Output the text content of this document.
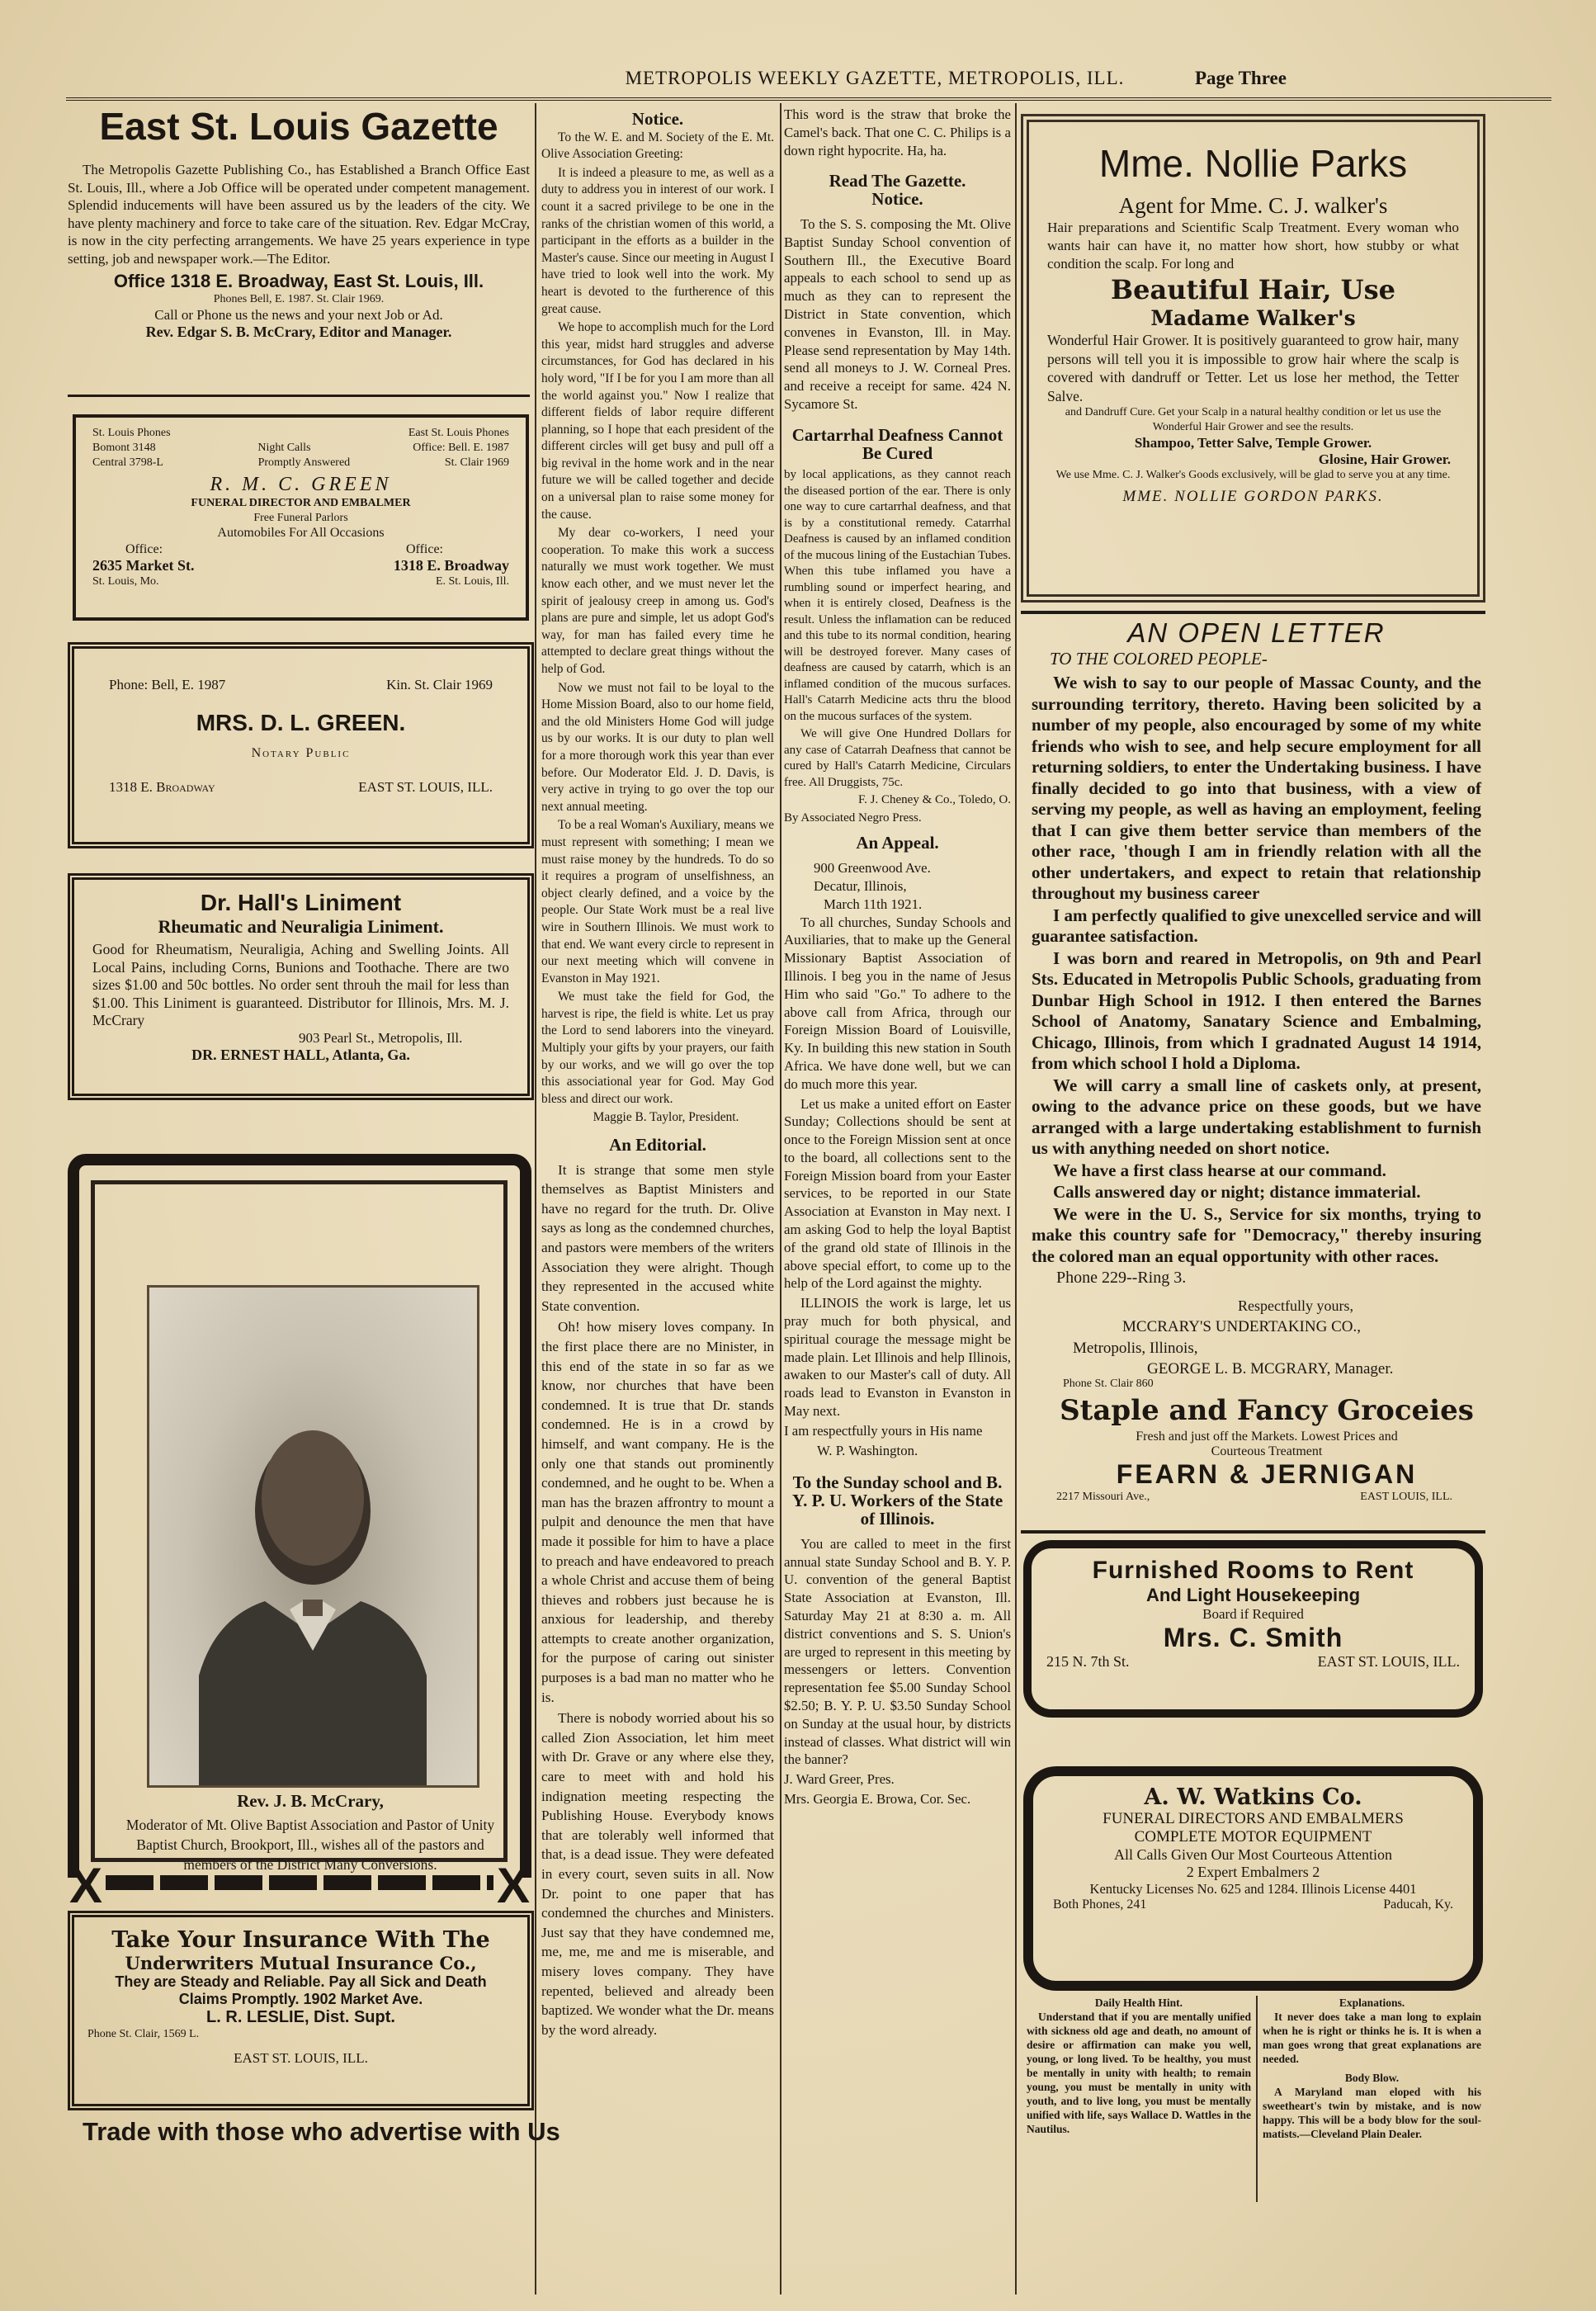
METROPOLIS WEEKLY GAZETTE, METROPOLIS, ILL.	Page Three
East St. Louis Gazette
The Metropolis Gazette Publishing Co., has Established a Branch Office East St. Louis, Ill., where a Job Office will be operated under competent management. Splendid inducements will have been assured us by the leaders of the city. We have plenty machinery and force to take care of the situation. Rev. Edgar McCray, is now in the city perfecting arrangements. We have 25 years experience in type setting, job and newspaper work.—The Editor.
Office 1318 E. Broadway, East St. Louis, Ill.
Phones Bell, E. 1987. St. Clair 1969.
Call or Phone us the news and your next Job or Ad.
Rev. Edgar S. B. McCrary, Editor and Manager.
St. Louis Phones	East St. Louis Phones
Bomont 3148	Night Calls	Office: Bell. E. 1987
Central 3798-L	Promptly Answered	St. Clair 1969
R. M. C. GREEN
FUNERAL DIRECTOR AND EMBALMER
Free Funeral Parlors
Automobiles For All Occasions
Office:	Office:
2635 Market St.	1318 E. Broadway
St. Louis, Mo.	E. St. Louis, Ill.
Phone: Bell, E. 1987	Kin. St. Clair 1969
MRS. D. L. GREEN.
Notary Public
1318 E. Broadway	EAST ST. LOUIS, ILL.
Dr. Hall's Liniment
Rheumatic and Neuraligia Liniment.
Good for Rheumatism, Neuraligia, Aching and Swelling Joints. All Local Pains, including Corns, Bunions and Toothache. There are two sizes $1.00 and 50c bottles. No order sent throuh the mail for less than $1.00. This Liniment is guaranteed. Distributor for Illinois, Mrs. M. J. McCrary
903 Pearl St., Metropolis, Ill.
DR. ERNEST HALL, Atlanta, Ga.
Rev. J. B. McCrary,
Moderator of Mt. Olive Baptist Association and Pastor of Unity Baptist Church, Brookport, Ill., wishes all of the pastors and members of the District Many Conversions.
X	X
Take Your Insurance With The
Underwriters Mutual Insurance Co.,
They are Steady and Reliable. Pay all Sick and Death
Claims Promptly. 1902 Market Ave.
L. R. LESLIE, Dist. Supt.
Phone St. Clair, 1569 L.
EAST ST. LOUIS, ILL.
Trade with those who advertise with Us
Notice.

To the W. E. and M. Society of the E. Mt. Olive Association Greeting:

It is indeed a pleasure to me, as well as a duty to address you in interest of our work. I count it a sacred privilege to be one in the ranks of the christian women of this world, a participant in the efforts as a builder in the Master's cause. Since our meeting in August I have tried to look well into the work. My heart is devoted to the furtherence of this great cause.

We hope to accomplish much for the Lord this year, midst hard struggles and adverse circumstances, for God has declared in his holy word, "If I be for you I am more than all the world against you." Now I realize that different fields of labor require different planning, so I hope that each president of the different circles will get busy and pull off a big revival in the home work and in the near future we will be called together and decide on a universal plan to raise some money for the cause.

My dear co-workers, I need your cooperation. To make this work a success naturally we must work together. We must know each other, and we must never let the spirit of jealousy creep in among us. God's plans are pure and simple, let us adopt God's way, for man has failed every time he attempted to declare great things without the help of God.

Now we must not fail to be loyal to the Home Mission Board, also to our home field, and the old Ministers Home God will judge us by our works. It is our duty to plan well for a more thorough work this year than ever before. Our Moderator Eld. J. D. Davis, is very active in trying to go over the top our next annual meeting.

To be a real Woman's Auxiliary, means we must represent with something; I mean we must raise money by the hundreds. To do so it requires a program of unselfishness, an object clearly defined, and a voice by the people. Our State Work must be a real live wire in Southern Illinois. We must work to that end. We want every circle to represent in our next meeting which will convene in Evanston in May 1921.

We must take the field for God, the harvest is ripe, the field is white. Let us pray the Lord to send laborers into the vineyard. Multiply your gifts by your prayers, our faith by our works, and we will go over the top this associational year for God. May God bless and direct our work.

Maggie B. Taylor, President.

An Editorial.

It is strange that some men style themselves as Baptist Ministers and have no regard for the truth. Dr. Olive says as long as the condemned churches, and pastors were members of the writers Association they were alright. Though they represented in the accused white State convention.

Oh! how misery loves company. In the first place there are no Minister, in this end of the state in so far as we know, nor churches that have been condemned. It is true that Dr. stands condemned. He is in a crowd by himself, and want company. He is the only one that stands out prominently condemned, and he ought to be. When a man has the brazen affrontry to mount a pulpit and denounce the men that have made it possible for him to have a place to preach and have endeavored to preach a whole Christ and accuse them of being thieves and robbers just because he is anxious for leadership, and thereby attempts to create another organization, for the purpose of caring out sinister purposes is a bad man no matter who he is.

There is nobody worried about his so called Zion Association, let him meet with Dr. Grave or any where else they, care to meet with and hold his indignation meeting respecting the Publishing House. Everybody knows that are tolerably well informed that that, is a dead issue. They were defeated in every court, seven suits in all. Now Dr. point to one paper that has condemned the churches and Ministers. Just say that they have condemned me, me, me, me and me is miserable, and misery loves company. They have repented, believed and already been baptized. We wonder what the Dr. means by the word already.

This word is the straw that broke the Camel's back. That one C. C. Philips is a down right hypocrite. Ha, ha.

Read The Gazette.
Notice.

To the S. S. composing the Mt. Olive Baptist Sunday School convention of Southern Ill., the Executive Board appeals to each school to send up as much as they can to represent the District in State convention, which convenes in Evanston, Ill. in May. Please send representation by May 14th. send all moneys to J. W. Corneal Pres. and receive a receipt for same. 424 N. Sycamore St.

Cartarrhal Deafness Cannot Be Cured

by local applications, as they cannot reach the diseased portion of the ear. There is only one way to cure cartarrhal deafness, and that is by a constitutional remedy. Catarrhal Deafness is caused by an inflamed condition of the mucous lining of the Eustachian Tubes. When this tube inflamed you have a rumbling sound or imperfect hearing, and when it is entirely closed, Deafness is the result. Unless the inflamation can be reduced and this tube to its normal condition, hearing will be destroyed forever. Many cases of deafness are caused by catarrh, which is an inflamed condition of the mucous surfaces. Hall's Catarrh Medicine acts thru the blood on the mucous surfaces of the system.

We will give One Hundred Dollars for any case of Catarrah Deafness that cannot be cured by Hall's Catarrh Medicine, Circulars free. All Druggists, 75c.

F. J. Cheney & Co., Toledo, O.

By Associated Negro Press.

An Appeal.
900 Greenwood Ave.
Decatur, Illinois,
March 11th 1921.

To all churches, Sunday Schools and Auxiliaries, that to make up the General Missionary Baptist Association of Illinois. I beg you in the name of Jesus Him who said "Go." To adhere to the above call from Africa, through our Foreign Mission Board of Louisville, Ky. In building this new station in South Africa. We have done well, but we can do much more this year.

Let us make a united effort on Easter Sunday; Collections should be sent at once to the Foreign Mission sent at once to the board, all collections sent to the Foreign Mission board from your Easter services, to be reported in our State Association at Evanston in May next. I am asking God to help the loyal Baptist of the grand old state of Illinois in the above special effort, to come up to the help of the Lord against the mighty.

ILLINOIS the work is large, let us pray much for both physical, and spiritual courage the message might be made plain. Let Illinois and help Illinois, awaken to our Master's call of duty. All roads lead to Evanston in Evanston in May next.

I am respectfully yours in His name

W. P. Washington.

To the Sunday school and B. Y. P. U. Workers of the State of Illinois.

You are called to meet in the first annual state Sunday School and B. Y. P. U. convention of the general Baptist State Association at Evanston, Ill. Saturday May 21 at 8:30 a. m. All district conventions and S. S. Union's are urged to represent in this meeting by messengers or letters. Convention representation fee $5.00 Sunday School $2.50; B. Y. P. U. $3.50 Sunday School on Sunday at the usual hour, by districts instead of classes. What district will win the banner?

J. Ward Greer, Pres.

Mrs. Georgia E. Browa, Cor. Sec.

Mme. Nollie Parks
Agent for Mme. C. J. walker's
Hair preparations and Scientific Scalp Treatment. Every woman who wants hair can have it, no matter how short, how stubby or what condition the scalp. For long and
Beautiful Hair, Use
Madame Walker's
Wonderful Hair Grower. It is positively guaranteed to grow hair, many persons will tell you it is impossible to grow hair where the scalp is covered with dandruff or Tetter. Let us lose her method, the Tetter Salve.
and Dandruff Cure. Get your Scalp in a natural healthy condition or let us use the Wonderful Hair Grower and see the results.
Shampoo, Tetter Salve, Temple Grower.
Glosine, Hair Grower.
We use Mme. C. J. Walker's Goods exclusively, will be glad to serve you at any time.
MME. NOLLIE GORDON PARKS.
AN OPEN LETTER
TO THE COLORED PEOPLE-

We wish to say to our people of Massac County, and the surrounding territory, thereto. Having been solicited by a number of my people, also encouraged by some of my white friends who wish to see, and help secure employment for all returning soldiers, to enter the Undertaking business. I have finally decided to go into that business, with a view of serving my people, as well as having an employment, feeling that I can give them better service than members of the other race, 'though I am in friendly relation with all the other undertakers, and expect to retain that relationship throughout my business career

I am perfectly qualified to give unexcelled service and will guarantee satisfaction.

I was born and reared in Metropolis, on 9th and Pearl Sts. Educated in Metropolis Public Schools, graduating from Dunbar High School in 1912. I then entered the Barnes School of Anatomy, Sanatary Science and Embalming, Chicago, Illinois, from which I gradnated August 14 1914, from which school I hold a Diploma.

We will carry a small line of caskets only, at present, owing to the advance price on these goods, but we have arranged with a large undertaking establishment to furnish us with anything needed on short notice.

We have a first class hearse at our command.

Calls answered day or night; distance immaterial.

We were in the U. S., Service for six months, trying to make this country safe for "Democracy," thereby insuring the colored man an equal opportunity with other races.

Phone 229--Ring 3.
Respectfully yours,
MCCRARY'S UNDERTAKING CO.,
Metropolis, Illinois,
GEORGE L. B. MCGRARY, Manager.
Phone St. Clair 860
Staple and Fancy Groceies
Fresh and just off the Markets. Lowest Prices and
Courteous Treatment
FEARN & JERNIGAN
2217 Missouri Ave.,	EAST LOUIS, ILL.
Furnished Rooms to Rent
And Light Housekeeping
Board if Required
Mrs. C. Smith
215 N. 7th St.	EAST ST. LOUIS, ILL.
A. W. Watkins Co.
FUNERAL DIRECTORS AND EMBALMERS
COMPLETE MOTOR EQUIPMENT
All Calls Given Our Most Courteous Attention
2 Expert Embalmers 2
Kentucky Licenses No. 625 and 1284. Illinois License 4401
Both Phones, 241	Paducah, Ky.
Daily Health Hint.
Understand that if you are mentally unified with sickness old age and death, no amount of desire or affirmation can make you well, young, or long lived. To be healthy, you must be mentally in unity with health; to remain young, you must be mentally in unity with youth, and to live long, you must be mentally unified with life, says Wallace D. Wattles in the Nautilus.
Explanations.
It never does take a man long to explain when he is right or thinks he is. It is when a man goes wrong that great explanations are needed.
Body Blow.
A Maryland man eloped with his sweetheart's twin by mistake, and is now happy. This will be a body blow for the soul-matists.—Cleveland Plain Dealer.
